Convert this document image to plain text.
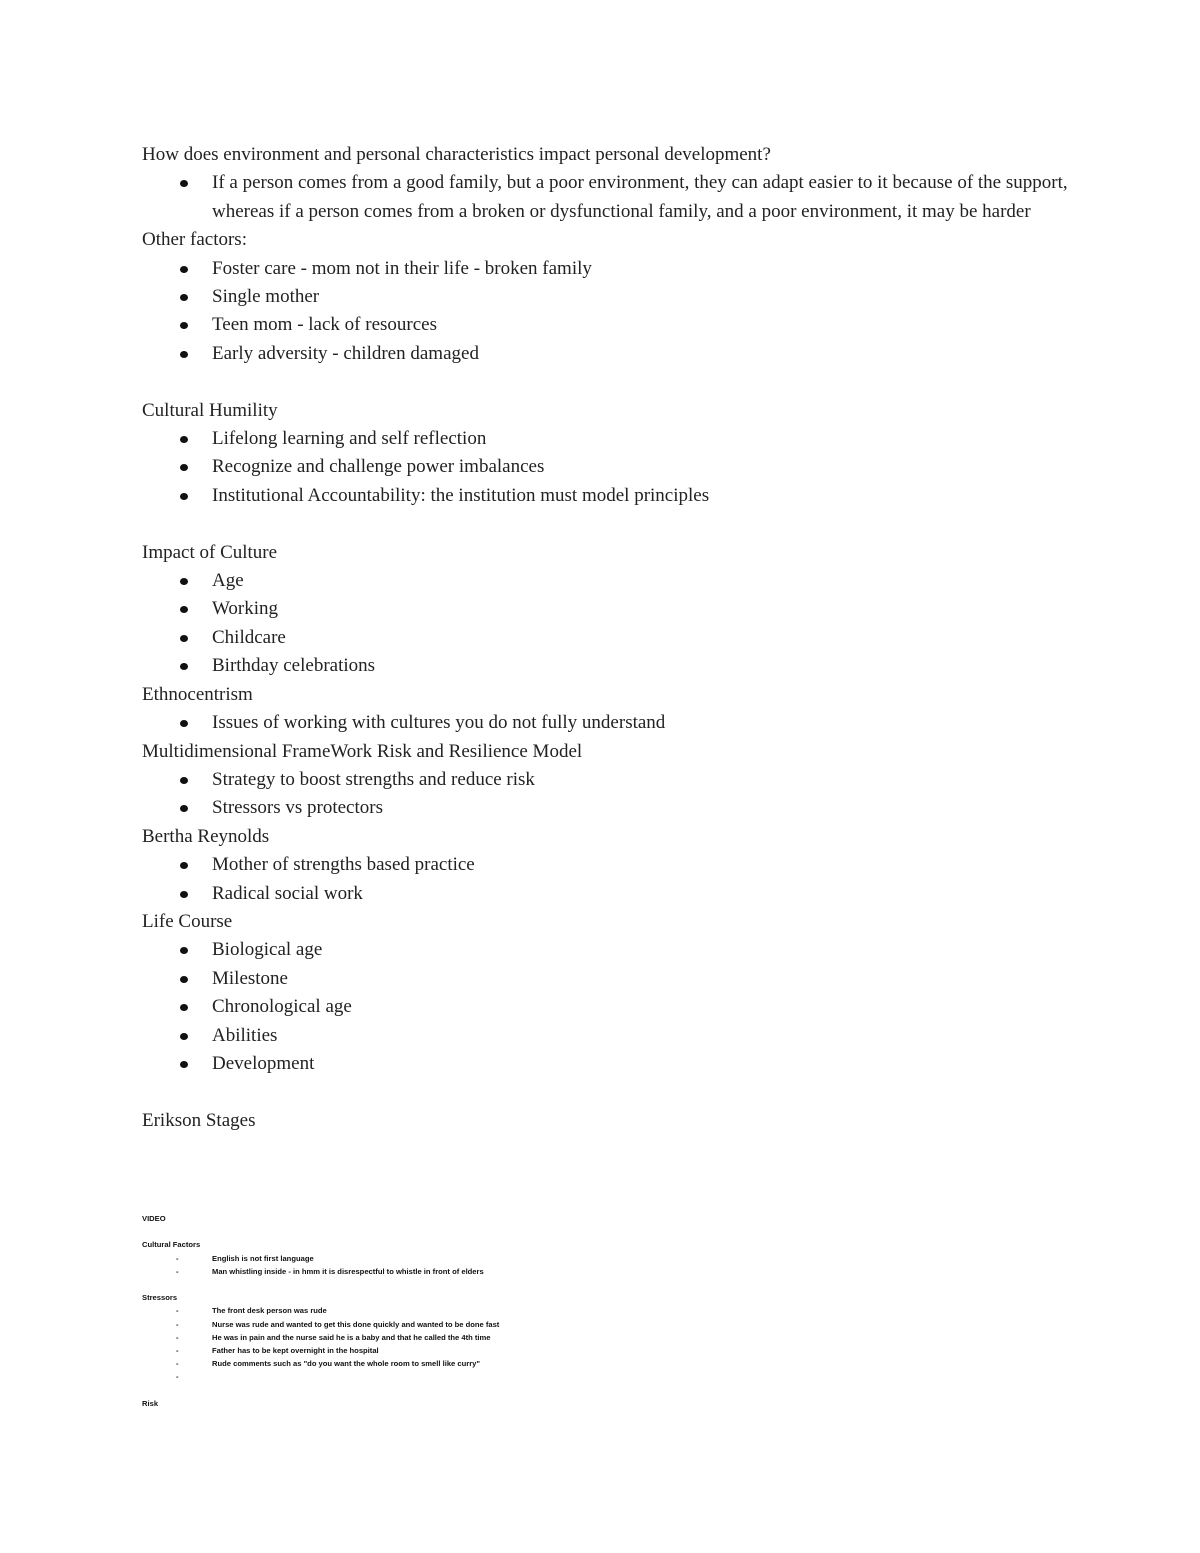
How does environment and personal characteristics impact personal development?

If a person comes from a good family, but a poor environment, they can adapt easier to it because of the support, whereas if a person comes from a broken or dysfunctional family, and a poor environment, it may be harder

Other factors:

Foster care - mom not in their life - broken family
Single mother
Teen mom - lack of resources
Early adversity - children damaged

Cultural Humility

Lifelong learning and self reflection
Recognize and challenge power imbalances
Institutional Accountability: the institution must model principles

Impact of Culture

Age
Working
Childcare
Birthday celebrations

Ethnocentrism

Issues of working with cultures you do not fully understand

Multidimensional FrameWork Risk and Resilience Model

Strategy to boost strengths and reduce risk
Stressors vs protectors

Bertha Reynolds

Mother of strengths based practice
Radical social work

Life Course

Biological age
Milestone
Chronological age
Abilities
Development

Erikson Stages

VIDEO

Cultural Factors

- English is not first language
- Man whistling inside - in hmm it is disrespectful to whistle in front of elders

Stressors

- The front desk person was rude
- Nurse was rude and wanted to get this done quickly and wanted to be done fast
- He was in pain and the nurse said he is a baby and that he called the 4th time
- Father has to be kept overnight in the hospital
- Rude comments such as "do you want the whole room to smell like curry"
-

Risk
